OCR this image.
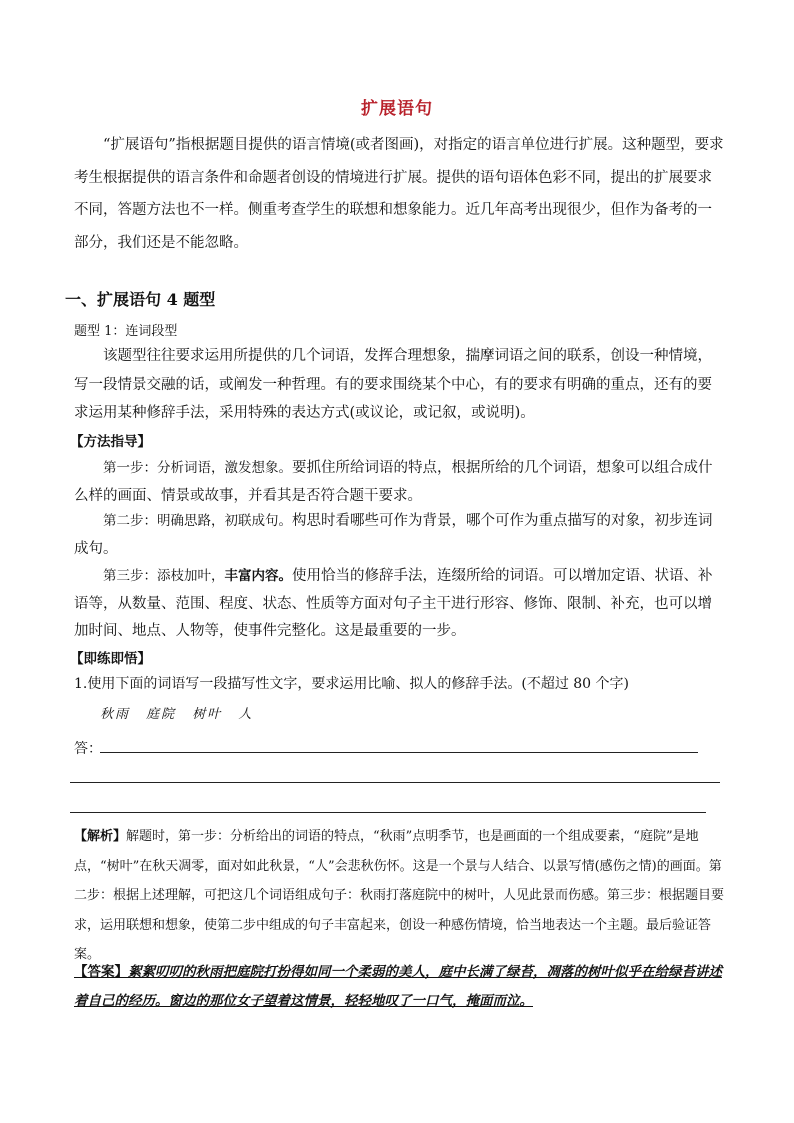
扩展语句

“扩展语句”指根据题目提供的语言情境(或者图画)，对指定的语言单位进行扩展。这种题型，要求考生根据提供的语言条件和命题者创设的情境进行扩展。提供的语句语体色彩不同，提出的扩展要求不同，答题方法也不一样。侧重考查学生的联想和想象能力。近几年高考出现很少，但作为备考的一部分，我们还是不能忽略。

一、扩展语句 4 题型
题型 1：连词段型

该题型往往要求运用所提供的几个词语，发挥合理想象，揣摩词语之间的联系，创设一种情境，写一段情景交融的话，或阐发一种哲理。有的要求围绕某个中心，有的要求有明确的重点，还有的要求运用某种修辞手法，采用特殊的表达方式(或议论，或记叙，或说明)。

【方法指导】

第一步：分析词语，激发想象。要抓住所给词语的特点，根据所给的几个词语，想象可以组合成什么样的画面、情景或故事，并看其是否符合题干要求。

第二步：明确思路，初联成句。构思时看哪些可作为背景，哪个可作为重点描写的对象，初步连词成句。

第三步：添枝加叶，丰富内容。使用恰当的修辞手法，连缀所给的词语。可以增加定语、状语、补语等，从数量、范围、程度、状态、性质等方面对句子主干进行形容、修饰、限制、补充，也可以增加时间、地点、人物等，使事件完整化。这是最重要的一步。

【即练即悟】
1.使用下面的词语写一段描写性文字，要求运用比喻、拟人的修辞手法。(不超过 80 个字)
秋雨 庭院 树叶 人
答：

【解析】解题时，第一步：分析给出的词语的特点，“秋雨”点明季节，也是画面的一个组成要素，“庭院”是地点，“树叶”在秋天凋零，面对如此秋景，“人”会悲秋伤怀。这是一个景与人结合、以景写情(感伤之情)的画面。第二步：根据上述理解，可把这几个词语组成句子：秋雨打落庭院中的树叶，人见此景而伤感。第三步：根据题目要求，运用联想和想象，使第二步中组成的句子丰富起来，创设一种感伤情境，恰当地表达一个主题。最后验证答案。

【答案】絮絮叨叨的秋雨把庭院打扮得如同一个柔弱的美人，庭中长满了绿苔，凋落的树叶似乎在给绿苔讲述着自己的经历。窗边的那位女子望着这情景，轻轻地叹了一口气，掩面而泣。
